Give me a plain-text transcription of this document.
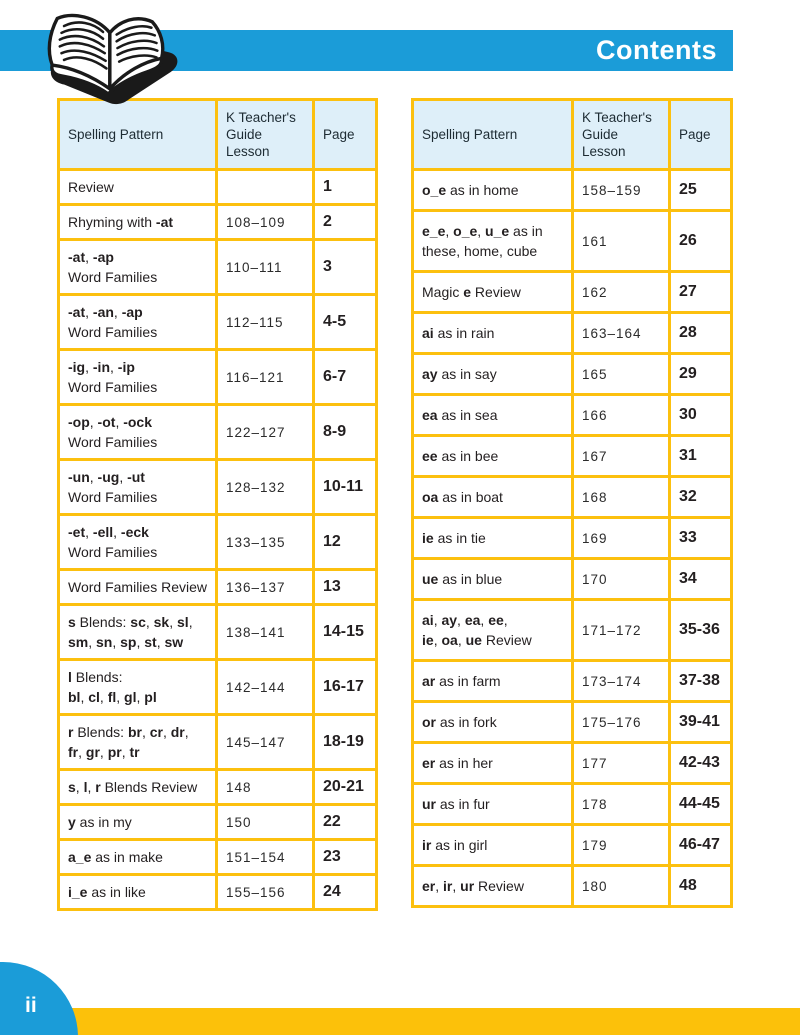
Contents
Spelling Pattern	K Teacher's Guide Lesson	Page
Review		1
Rhyming with -at	108–109	2
-at, -ap
Word Families	110–111	3
-at, -an, -ap
Word Families	112–115	4-5
-ig, -in, -ip
Word Families	116–121	6-7
-op, -ot, -ock
Word Families	122–127	8-9
-un, -ug, -ut
Word Families	128–132	10-11
-et, -ell, -eck
Word Families	133–135	12
Word Families Review	136–137	13
s Blends: sc, sk, sl,
sm, sn, sp, st, sw	138–141	14-15
l Blends:
bl, cl, fl, gl, pl	142–144	16-17
r Blends: br, cr, dr,
fr, gr, pr, tr	145–147	18-19
s, l, r Blends Review	148	20-21
y as in my	150	22
a_e as in make	151–154	23
i_e as in like	155–156	24
Spelling Pattern	K Teacher's Guide Lesson	Page
o_e as in home	158–159	25
e_e, o_e, u_e as in
these, home, cube	161	26
Magic e Review	162	27
ai as in rain	163–164	28
ay as in say	165	29
ea as in sea	166	30
ee as in bee	167	31
oa as in boat	168	32
ie as in tie	169	33
ue as in blue	170	34
ai, ay, ea, ee,
ie, oa, ue Review	171–172	35-36
ar as in farm	173–174	37-38
or as in fork	175–176	39-41
er as in her	177	42-43
ur as in fur	178	44-45
ir as in girl	179	46-47
er, ir, ur Review	180	48
ii
